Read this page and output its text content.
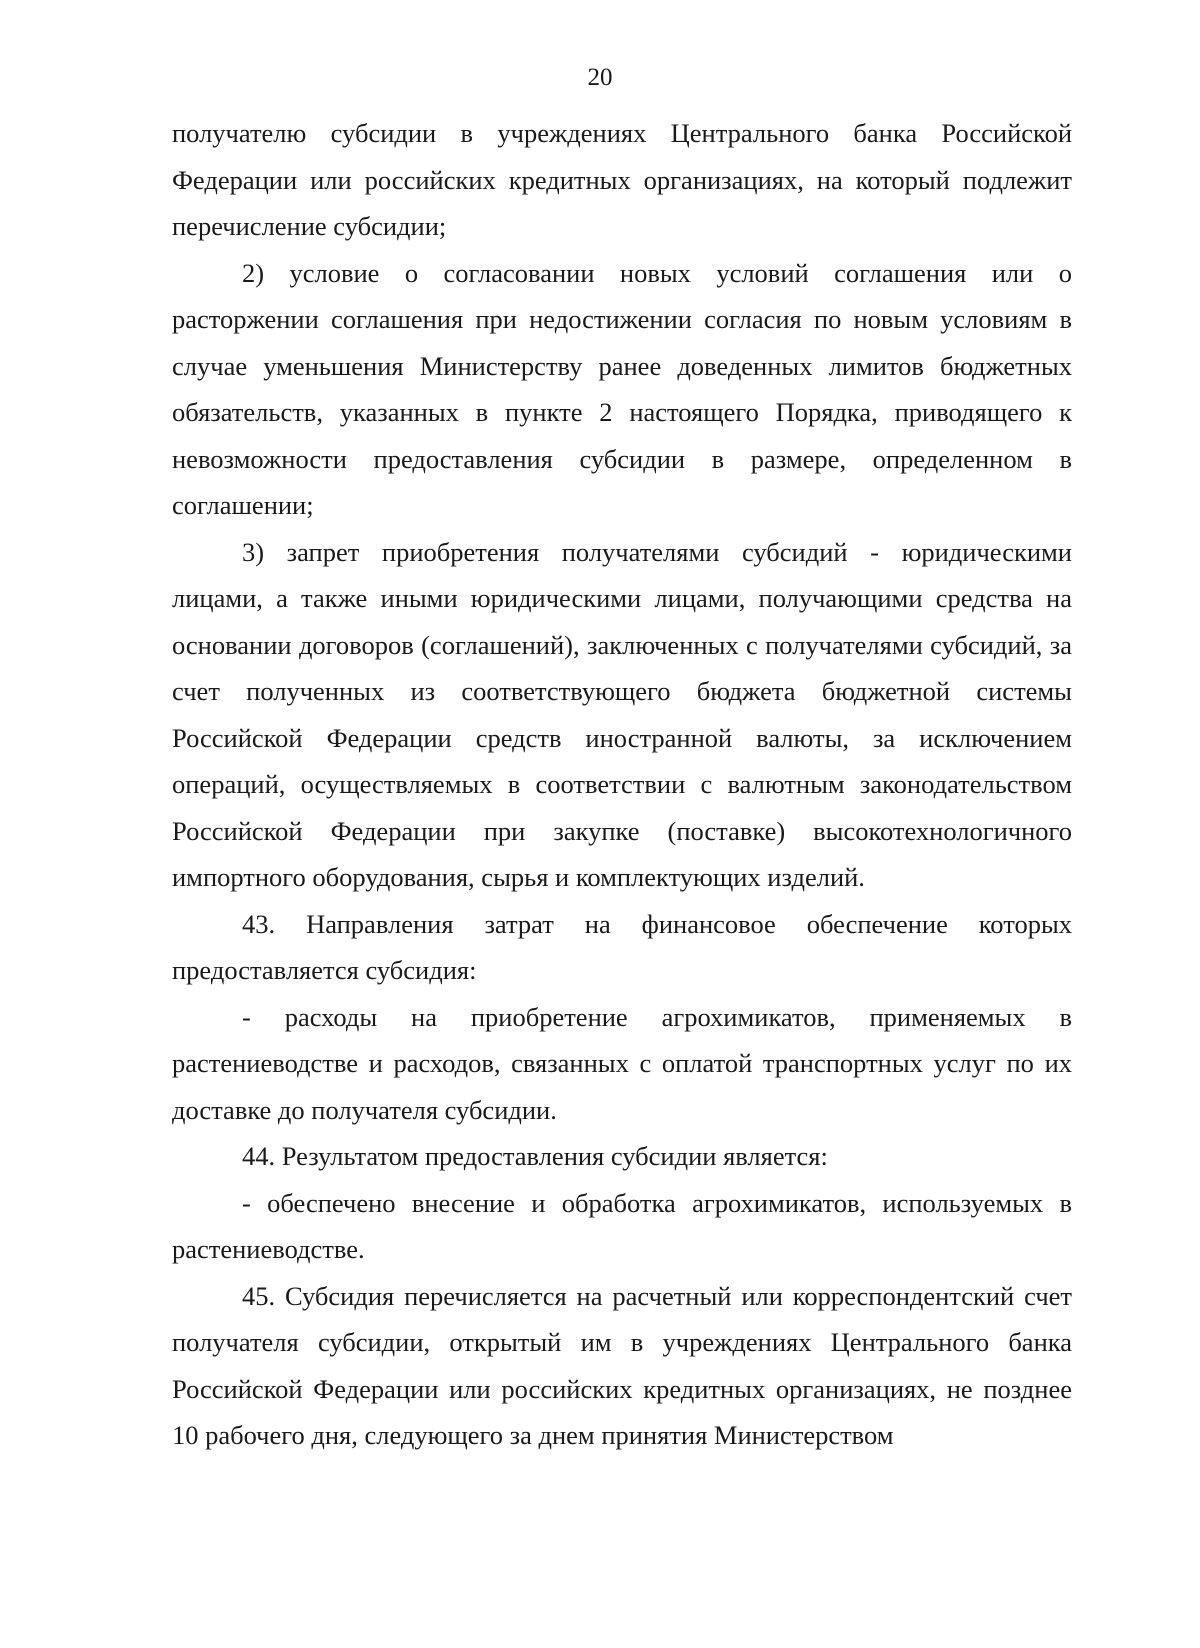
20

получателю субсидии в учреждениях Центрального банка Российской Федерации или российских кредитных организациях, на который подлежит перечисление субсидии;

2) условие о согласовании новых условий соглашения или о расторжении соглашения при недостижении согласия по новым условиям в случае уменьшения Министерству ранее доведенных лимитов бюджетных обязательств, указанных в пункте 2 настоящего Порядка, приводящего к невозможности предоставления субсидии в размере, определенном в соглашении;

3) запрет приобретения получателями субсидий - юридическими лицами, а также иными юридическими лицами, получающими средства на основании договоров (соглашений), заключенных с получателями субсидий, за счет полученных из соответствующего бюджета бюджетной системы Российской Федерации средств иностранной валюты, за исключением операций, осуществляемых в соответствии с валютным законодательством Российской Федерации при закупке (поставке) высокотехнологичного импортного оборудования, сырья и комплектующих изделий.

43. Направления затрат на финансовое обеспечение которых предоставляется субсидия:

- расходы на приобретение агрохимикатов, применяемых в растениеводстве и расходов, связанных с оплатой транспортных услуг по их доставке до получателя субсидии.

44. Результатом предоставления субсидии является:

- обеспечено внесение и обработка агрохимикатов, используемых в растениеводстве.

45. Субсидия перечисляется на расчетный или корреспондентский счет получателя субсидии, открытый им в учреждениях Центрального банка Российской Федерации или российских кредитных организациях, не позднее 10 рабочего дня, следующего за днем принятия Министерством
